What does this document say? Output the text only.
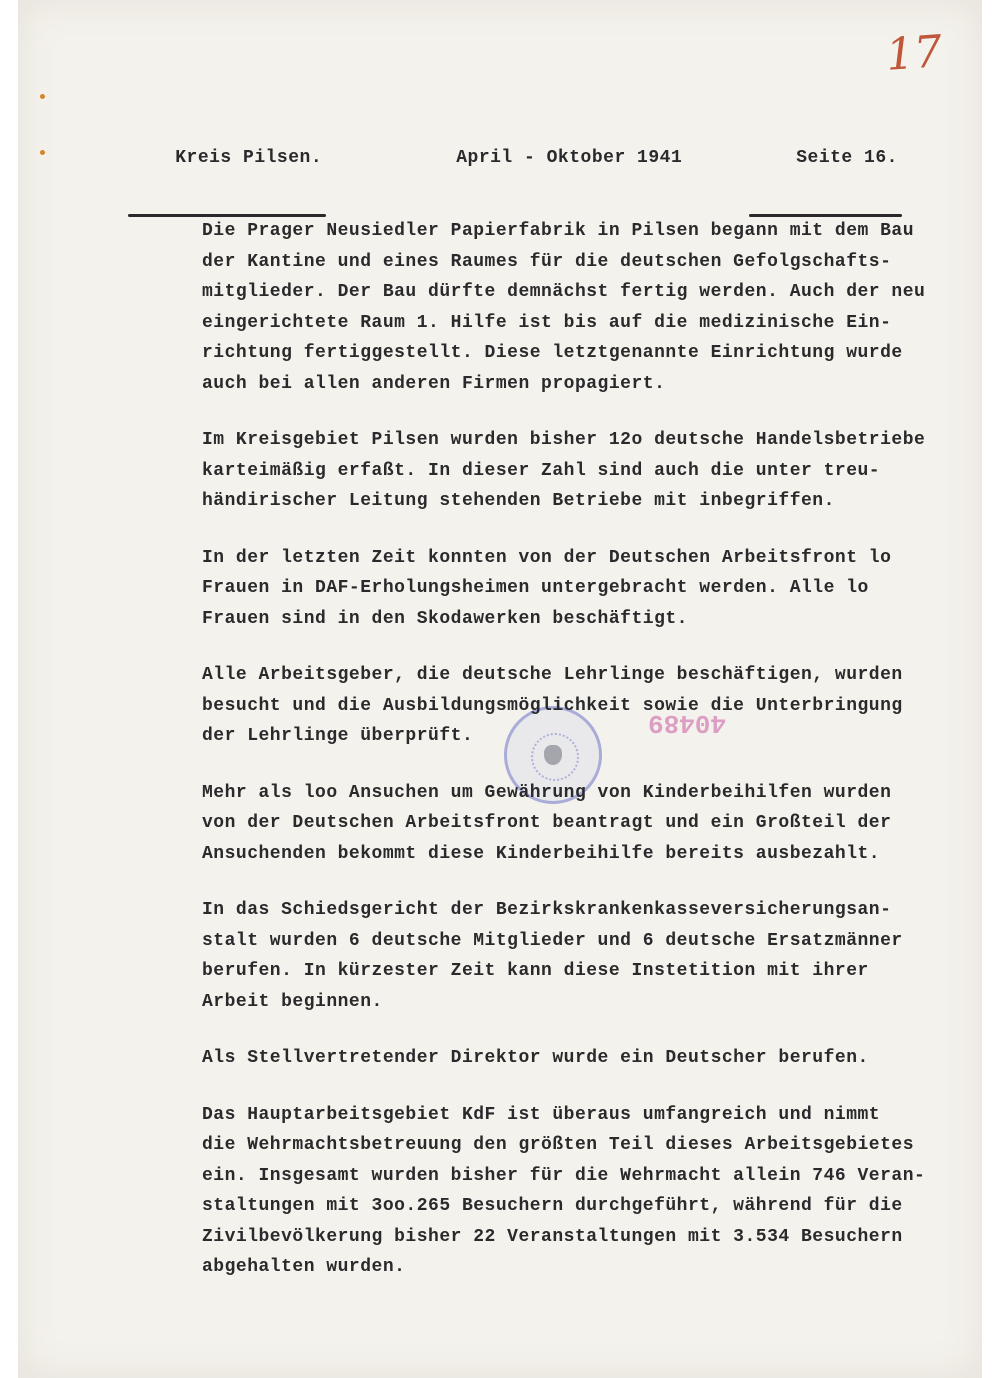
17

Kreis Pilsen.

	April - Oktober 1941
	Seite 16.

40489
Die Prager Neusiedler Papierfabrik in Pilsen begann mit dem Bau
der Kantine und eines Raumes für die deutschen Gefolgschafts-
mitglieder. Der Bau dürfte demnächst fertig werden. Auch der neu
eingerichtete Raum 1. Hilfe ist bis auf die medizinische Ein-
richtung fertiggestellt. Diese letztgenannte Einrichtung wurde
auch bei allen anderen Firmen propagiert.
Im Kreisgebiet Pilsen wurden bisher 12o deutsche Handelsbetriebe
karteimäßig erfaßt. In dieser Zahl sind auch die unter treu-
händirischer Leitung stehenden Betriebe mit inbegriffen.
In der letzten Zeit konnten von der Deutschen Arbeitsfront lo
Frauen in DAF-Erholungsheimen untergebracht werden. Alle lo
Frauen sind in den Skodawerken beschäftigt.
Alle Arbeitsgeber, die deutsche Lehrlinge beschäftigen, wurden
besucht und die Ausbildungsmöglichkeit sowie die Unterbringung
der Lehrlinge überprüft.
Mehr als loo Ansuchen um Gewährung von Kinderbeihilfen wurden
von der Deutschen Arbeitsfront beantragt und ein Großteil der
Ansuchenden bekommt diese Kinderbeihilfe bereits ausbezahlt.
In das Schiedsgericht der Bezirkskrankenkasseversicherungsan-
stalt wurden 6 deutsche Mitglieder und 6 deutsche Ersatzmänner
berufen. In kürzester Zeit kann diese Instetition mit ihrer
Arbeit beginnen.
Als Stellvertretender Direktor wurde ein Deutscher berufen.
Das Hauptarbeitsgebiet KdF ist überaus umfangreich und nimmt
die Wehrmachtsbetreuung den größten Teil dieses Arbeitsgebietes
ein. Insgesamt wurden bisher für die Wehrmacht allein 746 Veran-
staltungen mit 3oo.265 Besuchern durchgeführt, während für die
Zivilbevölkerung bisher 22 Veranstaltungen mit 3.534 Besuchern
abgehalten wurden.
